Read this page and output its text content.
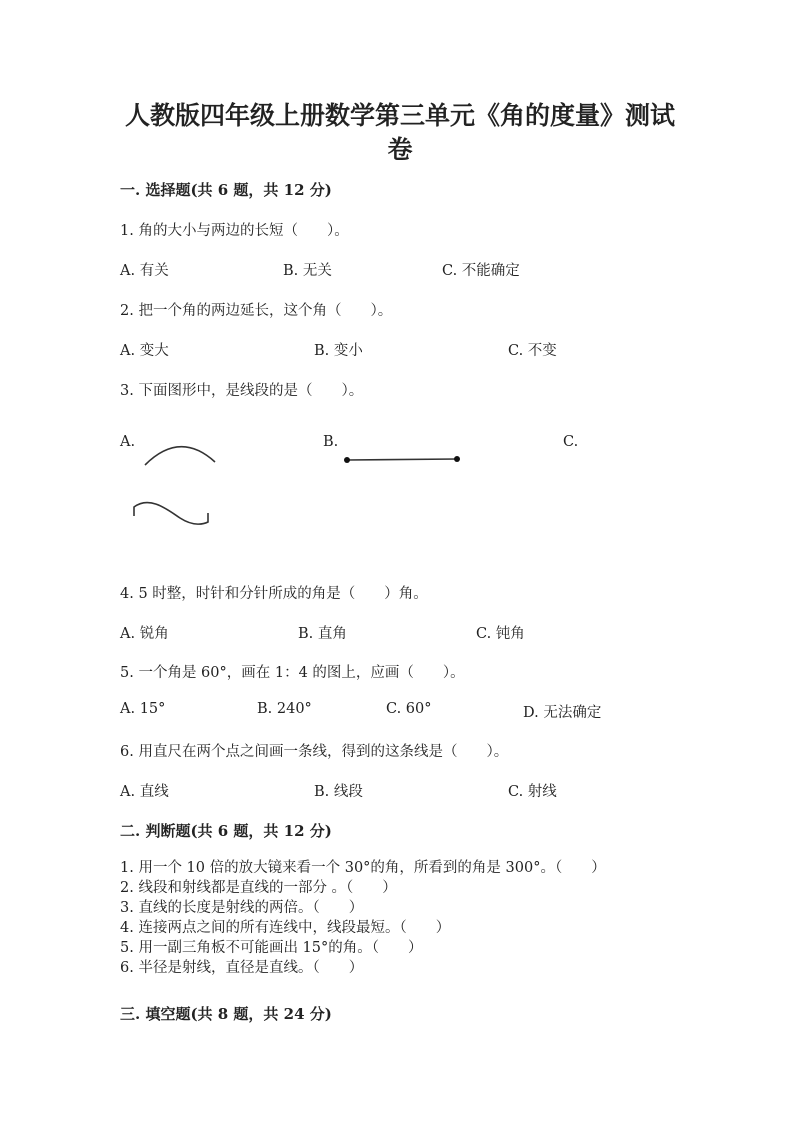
人教版四年级上册数学第三单元《角的度量》测试
卷
一. 选择题(共 6 题，共 12 分)
1. 角的大小与两边的长短（　　）。
A. 有关	B. 无关	C. 不能确定
2. 把一个角的两边延长，这个角（　　）。
A. 变大	B. 变小	C. 不变
3. 下面图形中，是线段的是（　　）。
A.	B.	C.
4. 5 时整，时针和分针所成的角是（　　）角。
A. 锐角	B. 直角	C. 钝角
5. 一个角是 60°，画在 1：4 的图上，应画（　　）。
A. 15°	B. 240°	C. 60°	D. 无法确定
6. 用直尺在两个点之间画一条线，得到的这条线是（　　）。
A. 直线	B. 线段	C. 射线
二. 判断题(共 6 题，共 12 分)
1. 用一个 10 倍的放大镜来看一个 30°的角，所看到的角是 300°。（　　）
2. 线段和射线都是直线的一部分 。（　　）
3. 直线的长度是射线的两倍。（　　）
4. 连接两点之间的所有连线中，线段最短。（　　）
5. 用一副三角板不可能画出 15°的角。（　　）
6. 半径是射线，直径是直线。（　　）
三. 填空题(共 8 题，共 24 分)
